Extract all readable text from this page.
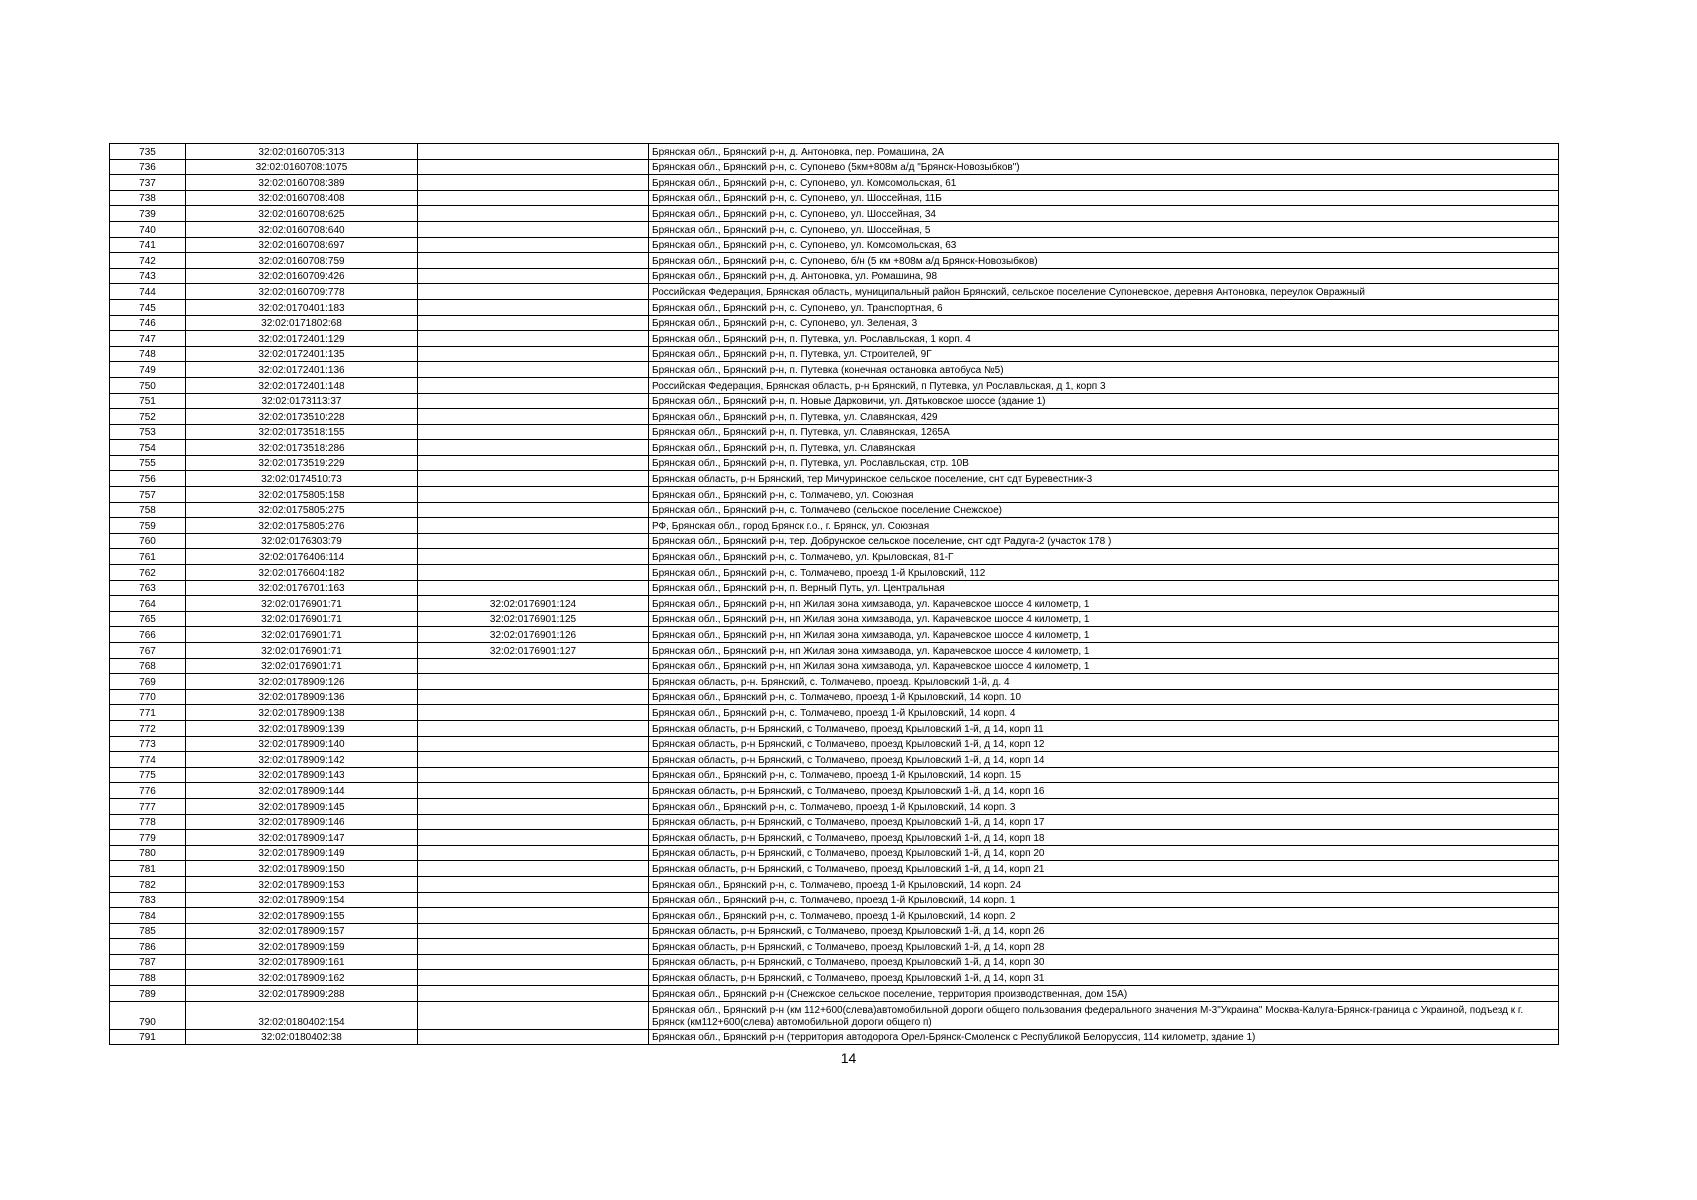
735	32:02:0160705:313		Брянская обл., Брянский р-н, д. Антоновка, пер. Ромашина, 2А
736	32:02:0160708:1075		Брянская обл., Брянский р-н, с. Супонево (5км+808м а/д "Брянск-Новозыбков")
737	32:02:0160708:389		Брянская обл., Брянский р-н, с. Супонево, ул. Комсомольская, 61
738	32:02:0160708:408		Брянская обл., Брянский р-н, с. Супонево, ул. Шоссейная, 11Б
739	32:02:0160708:625		Брянская обл., Брянский р-н, с. Супонево, ул. Шоссейная, 34
740	32:02:0160708:640		Брянская обл., Брянский р-н, с. Супонево, ул. Шоссейная, 5
741	32:02:0160708:697		Брянская обл., Брянский р-н, с. Супонево, ул. Комсомольская, 63
742	32:02:0160708:759		Брянская обл., Брянский р-н, с. Супонево, б/н (5 км +808м а/д Брянск-Новозыбков)
743	32:02:0160709:426		Брянская обл., Брянский р-н, д. Антоновка, ул. Ромашина, 98
744	32:02:0160709:778		Российская Федерация, Брянская область, муниципальный район Брянский, сельское поселение Супоневское, деревня Антоновка, переулок Овражный
745	32:02:0170401:183		Брянская обл., Брянский р-н, с. Супонево, ул. Транспортная, 6
746	32:02:0171802:68		Брянская обл., Брянский р-н, с. Супонево, ул. Зеленая, 3
747	32:02:0172401:129		Брянская обл., Брянский р-н, п. Путевка, ул. Рославльская, 1 корп. 4
748	32:02:0172401:135		Брянская обл., Брянский р-н, п. Путевка, ул. Строителей, 9Г
749	32:02:0172401:136		Брянская обл., Брянский р-н, п. Путевка (конечная остановка автобуса №5)
750	32:02:0172401:148		Российская Федерация, Брянская область, р-н Брянский, п Путевка, ул Рославльская, д 1, корп 3
751	32:02:0173113:37		Брянская обл., Брянский р-н, п. Новые Дарковичи, ул. Дятьковское шоссе (здание 1)
752	32:02:0173510:228		Брянская обл., Брянский р-н, п. Путевка, ул. Славянская, 429
753	32:02:0173518:155		Брянская обл., Брянский р-н, п. Путевка, ул. Славянская, 1265А
754	32:02:0173518:286		Брянская обл., Брянский р-н, п. Путевка, ул. Славянская
755	32:02:0173519:229		Брянская обл., Брянский р-н, п. Путевка, ул. Рославльская, стр. 10В
756	32:02:0174510:73		Брянская область, р-н Брянский, тер Мичуринское сельское поселение, снт сдт Буревестник-3
757	32:02:0175805:158		Брянская обл., Брянский р-н, с. Толмачево, ул. Союзная
758	32:02:0175805:275		Брянская обл., Брянский р-н, с. Толмачево (сельское поселение Снежское)
759	32:02:0175805:276		РФ, Брянская обл., город Брянск г.о., г. Брянск, ул. Союзная
760	32:02:0176303:79		Брянская обл., Брянский р-н, тер. Добрунское сельское поселение, снт сдт Радуга-2 (участок 178 )
761	32:02:0176406:114		Брянская обл., Брянский р-н, с. Толмачево, ул. Крыловская, 81-Г
762	32:02:0176604:182		Брянская обл., Брянский р-н, с. Толмачево, проезд 1-й Крыловский, 112
763	32:02:0176701:163		Брянская обл., Брянский р-н, п. Верный Путь, ул. Центральная
764	32:02:0176901:71	32:02:0176901:124	Брянская обл., Брянский р-н, нп Жилая зона химзавода, ул. Карачевское шоссе 4 километр, 1
765	32:02:0176901:71	32:02:0176901:125	Брянская обл., Брянский р-н, нп Жилая зона химзавода, ул. Карачевское шоссе 4 километр, 1
766	32:02:0176901:71	32:02:0176901:126	Брянская обл., Брянский р-н, нп Жилая зона химзавода, ул. Карачевское шоссе 4 километр, 1
767	32:02:0176901:71	32:02:0176901:127	Брянская обл., Брянский р-н, нп Жилая зона химзавода, ул. Карачевское шоссе 4 километр, 1
768	32:02:0176901:71		Брянская обл., Брянский р-н, нп Жилая зона химзавода, ул. Карачевское шоссе 4 километр, 1
769	32:02:0178909:126		Брянская область, р-н. Брянский, с. Толмачево, проезд. Крыловский 1-й, д. 4
770	32:02:0178909:136		Брянская обл., Брянский р-н, с. Толмачево, проезд 1-й Крыловский, 14 корп. 10
771	32:02:0178909:138		Брянская обл., Брянский р-н, с. Толмачево, проезд 1-й Крыловский, 14 корп. 4
772	32:02:0178909:139		Брянская область, р-н Брянский, с Толмачево, проезд Крыловский 1-й, д 14, корп 11
773	32:02:0178909:140		Брянская область, р-н Брянский, с Толмачево, проезд Крыловский 1-й, д 14, корп 12
774	32:02:0178909:142		Брянская область, р-н Брянский, с Толмачево, проезд Крыловский 1-й, д 14, корп 14
775	32:02:0178909:143		Брянская обл., Брянский р-н, с. Толмачево, проезд 1-й Крыловский, 14 корп. 15
776	32:02:0178909:144		Брянская область, р-н Брянский, с Толмачево, проезд Крыловский 1-й, д 14, корп 16
777	32:02:0178909:145		Брянская обл., Брянский р-н, с. Толмачево, проезд 1-й Крыловский, 14 корп. 3
778	32:02:0178909:146		Брянская область, р-н Брянский, с Толмачево, проезд Крыловский 1-й, д 14, корп 17
779	32:02:0178909:147		Брянская область, р-н Брянский, с Толмачево, проезд Крыловский 1-й, д 14, корп 18
780	32:02:0178909:149		Брянская область, р-н Брянский, с Толмачево, проезд Крыловский 1-й, д 14, корп 20
781	32:02:0178909:150		Брянская область, р-н Брянский, с Толмачево, проезд Крыловский 1-й, д 14, корп 21
782	32:02:0178909:153		Брянская обл., Брянский р-н, с. Толмачево, проезд 1-й Крыловский, 14 корп. 24
783	32:02:0178909:154		Брянская обл., Брянский р-н, с. Толмачево, проезд 1-й Крыловский, 14 корп. 1
784	32:02:0178909:155		Брянская обл., Брянский р-н, с. Толмачево, проезд 1-й Крыловский, 14 корп. 2
785	32:02:0178909:157		Брянская область, р-н Брянский, с Толмачево, проезд Крыловский 1-й, д 14, корп 26
786	32:02:0178909:159		Брянская область, р-н Брянский, с Толмачево, проезд Крыловский 1-й, д 14, корп 28
787	32:02:0178909:161		Брянская область, р-н Брянский, с Толмачево, проезд Крыловский 1-й, д 14, корп 30
788	32:02:0178909:162		Брянская область, р-н Брянский, с Толмачево, проезд Крыловский 1-й, д 14, корп 31
789	32:02:0178909:288		Брянская обл., Брянский р-н (Снежское сельское поселение, территория производственная, дом 15А)
790	32:02:0180402:154		Брянская обл., Брянский р-н (км 112+600(слева)автомобильной дороги общего пользования федерального значения М-3"Украина" Москва-Калуга-Брянск-граница с Украиной, подъезд к г. Брянск (км112+600(слева) автомобильной дороги общего п)
791	32:02:0180402:38		Брянская обл., Брянский р-н (территория автодорога Орел-Брянск-Смоленск с Республикой Белоруссия, 114 километр, здание 1)
14
